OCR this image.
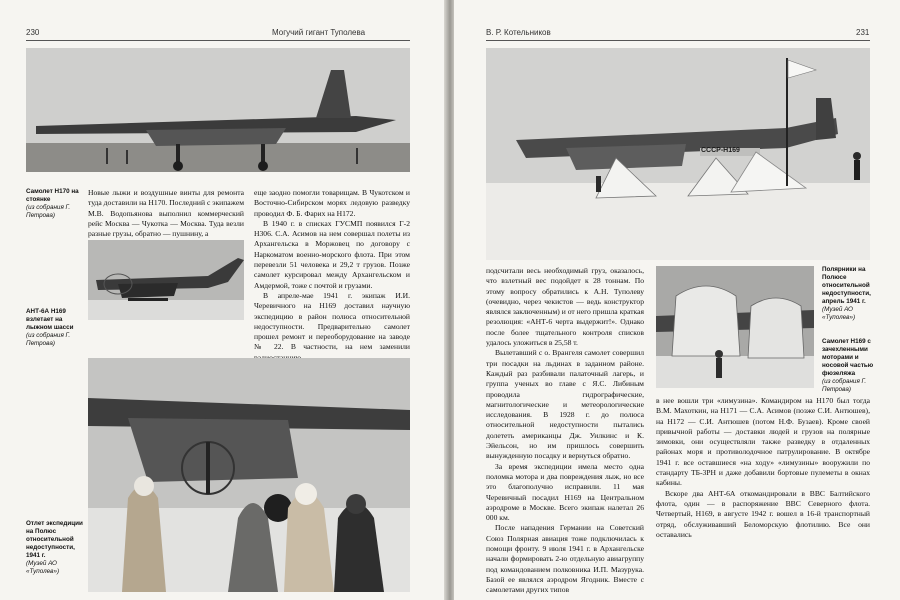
230	Могучий гигант Туполева
Самолет Н170 на стоянке
(из собрания Г. Петрова)

Новые лыжи и воздушные винты для ремонта туда доставили на Н170. Последний с экипажем М.В. Водопьянова выполнил коммерческий рейс Москва — Чукотка — Москва. Туда везли разные грузы, обратно — пушнину, а

АНТ-6А Н169 взлетает на лыжном шасси
(из собрания Г. Петрова)

еще заодно помогли товарищам. В Чукотском и Восточно-Сибирском морях ледовую разведку проводил Ф. Б. Фарих на Н172.

В 1940 г. в списках ГУСМП появился Г-2 Н306. С.А. Асимов на нем совершал полеты из Архангельска в Моржовец по договору с Наркоматом военно-морского флота. При этом перевезли 51 человека и 29,2 т грузов. Позже самолет курсировал между Архангельском и Амдермой, тоже с почтой и грузами.

В апреле-мае 1941 г. экипаж И.И. Черевичного на Н169 доставил научную экспедицию в район полюса относительной недоступности. Предварительно самолет прошел ремонт и переоборудование на заводе № 22. В частности, на нем заменили

Отлет экспедиции на Полюс относительной недоступности, 1941 г.
(Музей АО «Туполев»)
В. Р. Котельников	231
СССР-Н169

подсчитали весь необходимый груз, оказалось, что взлетный вес подойдет к 28 тоннам. По этому вопросу обратились к А.Н. Туполеву (очевидно, через чекистов — ведь конструктор являлся заключенным) и от него пришла краткая резолюция: «АНТ-6 черта выдержит!». Однако после более тщательного контроля списков удалось уложиться в 25,58 т.

Вылетавший с о. Врангеля самолет совершил три посадки на льдинах в заданном районе. Каждый раз разбивали палаточный лагерь, и группа ученых во главе с Я.С. Либиным проводила гидрографические, магнитологические и метеорологические исследования. В 1928 г. до полюса относительной недоступности пытались долететь американцы Дж. Уилкинс и К. Эйельсон, но им пришлось совершить вынужденную посадку и вернуться обратно.

За время экспедиции имела место одна поломка мотора и два повреждения лыж, но все это благополучно исправили. 11 мая Черевичный посадил Н169 на Центральном аэродроме в Москве. Всего экипаж налетал 26 000 км.

После нападения Германии на Советский Союз Полярная авиация тоже подключилась к помощи фронту. 9 июля 1941 г. в Архангельске начали формировать 2-ю отдельную авиагруппу под командованием полковника И.П. Мазурука. Базой ее являлся аэродром Ягодник. Вместе с самолетами других типов

Полярники на Полюсе относительной недоступности, апрель 1941 г.
(Музей АО «Туполев»)
Самолет Н169 с зачехленными моторами и носовой частью фюзеляжа
(из собрания Г. Петрова)

в нее вошли три «лимузина». Командиром на Н170 был тогда В.М. Махоткин, на Н171 — С.А. Асимов (позже С.И. Антюшев), на Н172 — С.И. Антюшев (потом Н.Ф. Бузаев). Кроме своей привычной работы — доставки людей и грузов на полярные зимовки, они осуществляли также разведку в отдаленных районах моря и противолодочное патрулирование. В октябре 1941 г. все оставшиеся «на ходу» «лимузины» вооружили по стандарту ТБ-3РН и даже добавили бортовые пулеметы в окнах кабины.

Вскоре два АНТ-6А откомандировали в ВВС Балтийского флота, один — в распоряжение ВВС Северного флота. Четвертый, Н169, в августе 1942 г. вошел в 16-й транспортный отряд, обслуживавший Беломорскую флотилию. Все они оставались
